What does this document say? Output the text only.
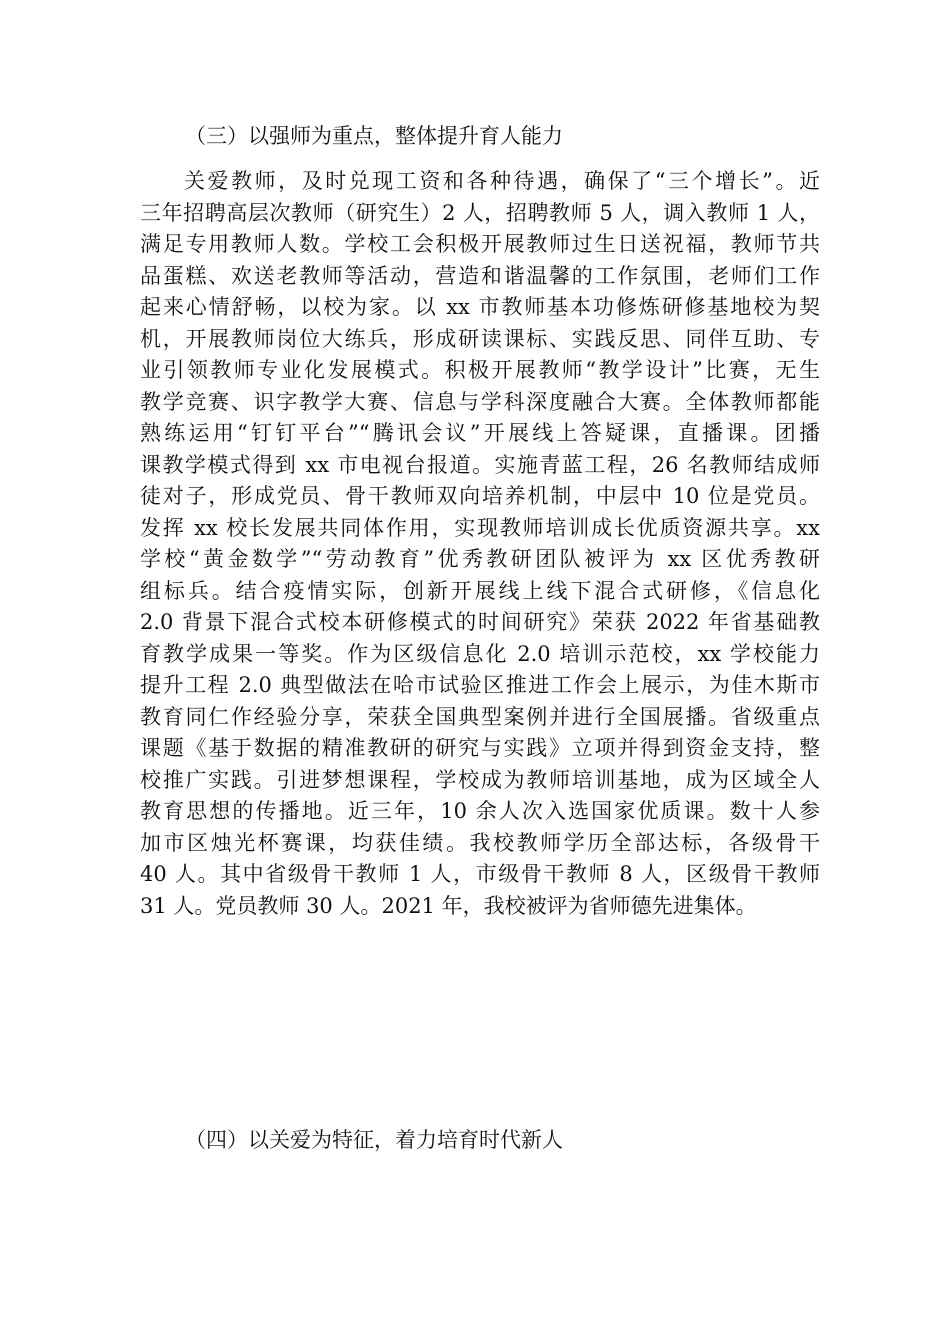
（三）以强师为重点，整体提升育人能力
关爱教师，及时兑现工资和各种待遇，确保了“三个增长”。近
三年招聘高层次教师（研究生）2 人，招聘教师 5 人，调入教师 1 人，
满足专用教师人数。学校工会积极开展教师过生日送祝福，教师节共
品蛋糕、欢送老教师等活动，营造和谐温馨的工作氛围，老师们工作
起来心情舒畅，以校为家。以 xx 市教师基本功修炼研修基地校为契
机，开展教师岗位大练兵，形成研读课标、实践反思、同伴互助、专
业引领教师专业化发展模式。积极开展教师“教学设计”比赛，无生
教学竞赛、识字教学大赛、信息与学科深度融合大赛。全体教师都能
熟练运用“钉钉平台”“腾讯会议”开展线上答疑课，直播课。团播
课教学模式得到 xx 市电视台报道。实施青蓝工程，26 名教师结成师
徒对子，形成党员、骨干教师双向培养机制，中层中 10 位是党员。
发挥 xx 校长发展共同体作用，实现教师培训成长优质资源共享。xx
学校“黄金数学”“劳动教育”优秀教研团队被评为 xx 区优秀教研
组标兵。结合疫情实际，创新开展线上线下混合式研修，《信息化
2.0 背景下混合式校本研修模式的时间研究》荣获 2022 年省基础教
育教学成果一等奖。作为区级信息化 2.0 培训示范校，xx 学校能力
提升工程 2.0 典型做法在哈市试验区推进工作会上展示，为佳木斯市
教育同仁作经验分享，荣获全国典型案例并进行全国展播。省级重点
课题《基于数据的精准教研的研究与实践》立项并得到资金支持，整
校推广实践。引进梦想课程，学校成为教师培训基地，成为区域全人
教育思想的传播地。近三年，10 余人次入选国家优质课。数十人参
加市区烛光杯赛课，均获佳绩。我校教师学历全部达标，各级骨干
40 人。其中省级骨干教师 1 人，市级骨干教师 8 人，区级骨干教师
31 人。党员教师 30 人。2021 年，我校被评为省师德先进集体。
（四）以关爱为特征，着力培育时代新人
